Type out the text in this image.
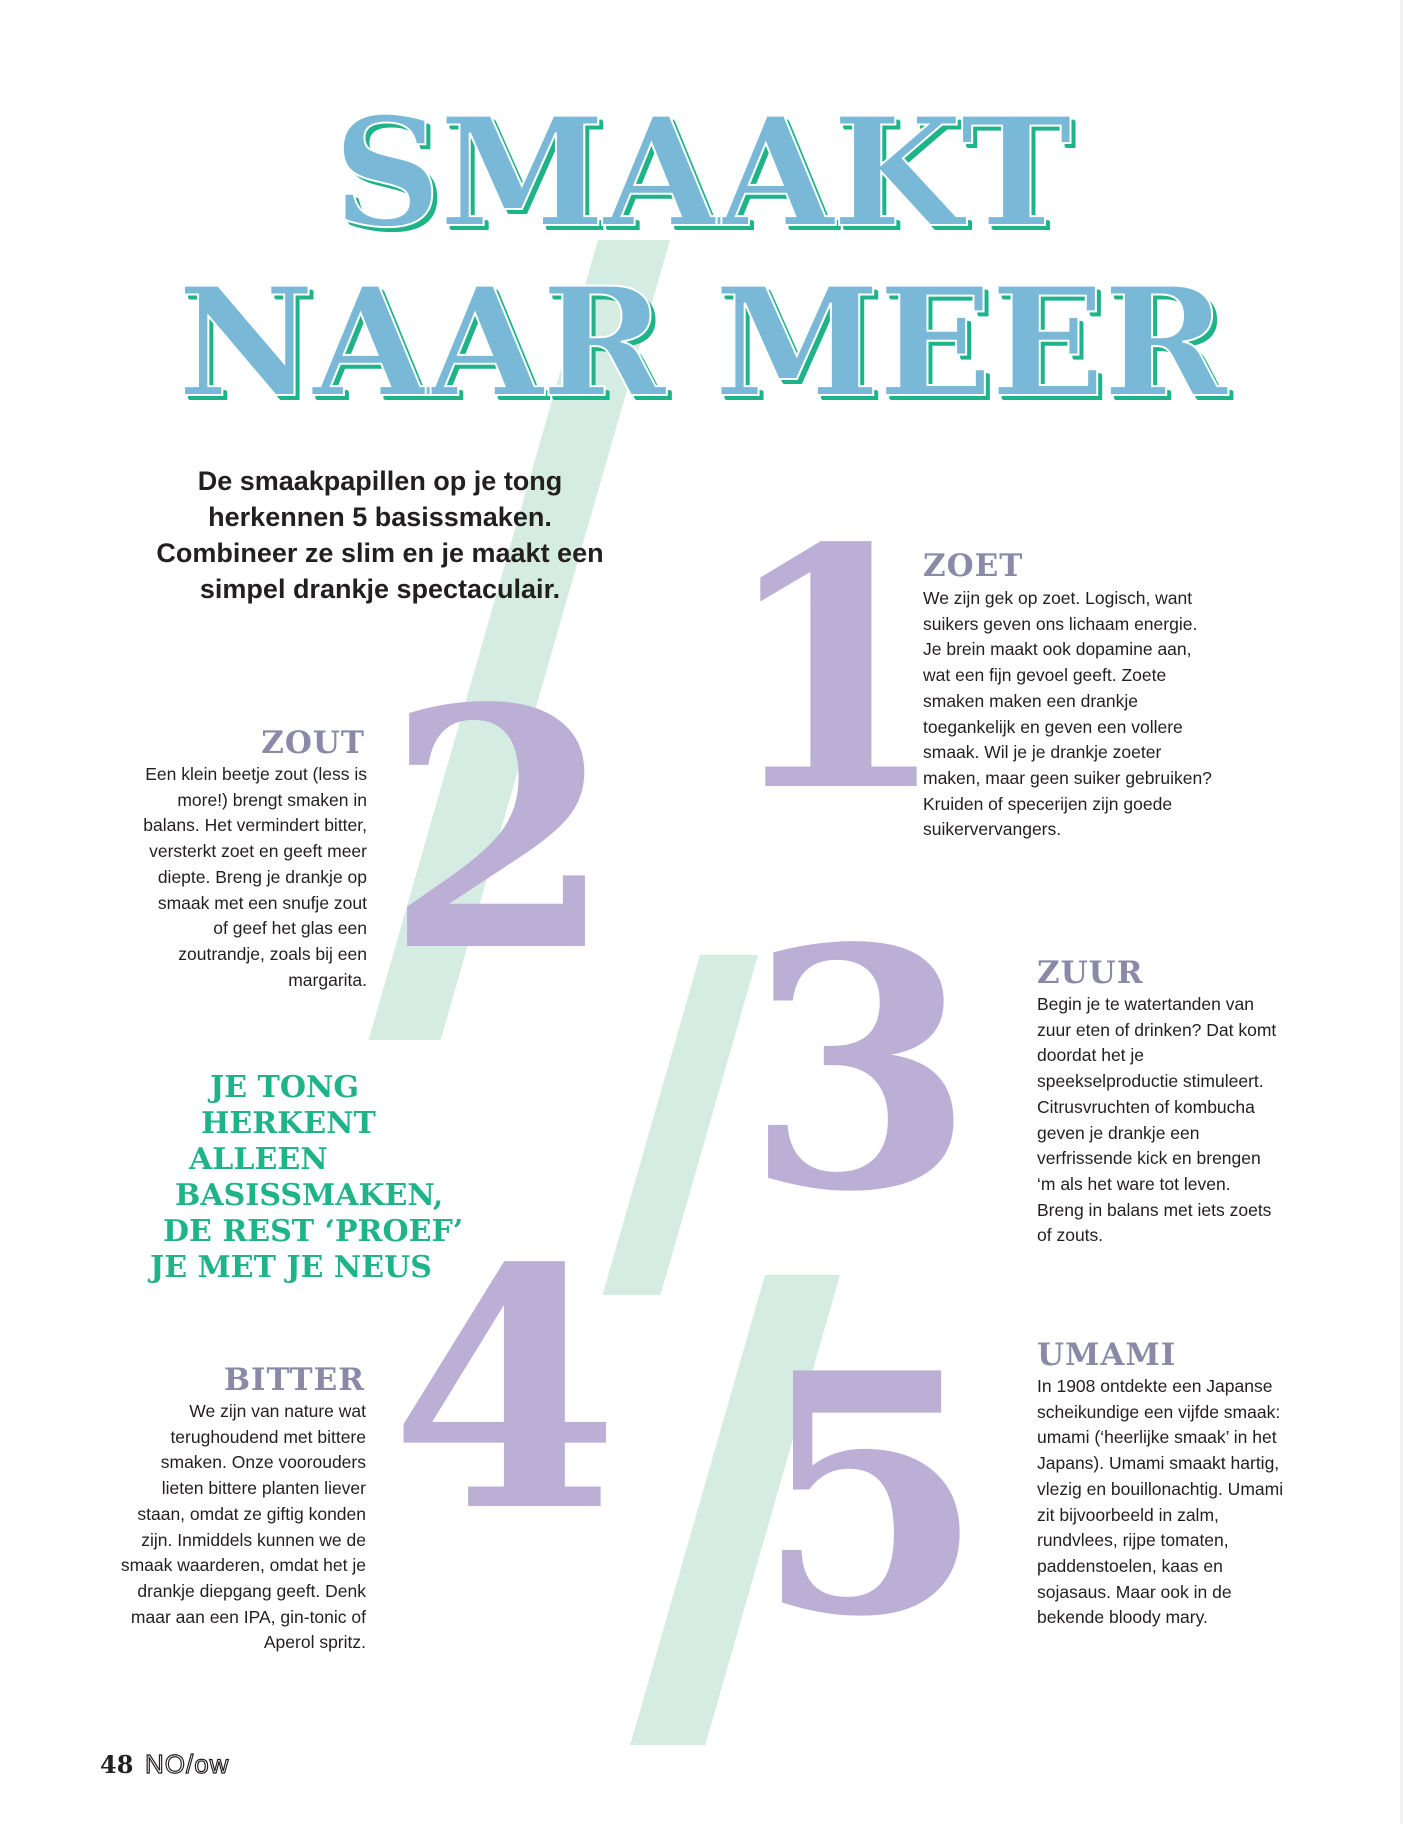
SMAAKT
NAAR MEER
De smaakpapillen op je tong herkennen 5 basissmaken. Combineer ze slim en je maakt een simpel drankje spectaculair. 1
2
3
4 5
ZOET
We zijn gek op zoet. Logisch, want suikers geven ons lichaam energie. Je brein maakt ook dopamine aan, wat een fijn gevoel geeft. Zoete smaken maken een drankje toegankelijk en geven een vollere smaak. Wil je je drankje zoeter maken, maar geen suiker gebruiken? Kruiden of specerijen zijn goede suikervervangers.
ZOUT
Een klein beetje zout (less is more!) brengt smaken in balans. Het vermindert bitter, versterkt zoet en geeft meer diepte. Breng je drankje op smaak met een snufje zout of geef het glas een zoutrandje, zoals bij een margarita.	ZUUR
Begin je te watertanden van zuur eten of drinken? Dat komt doordat het je speekselproductie stimuleert. Citrusvruchten of kombucha geven je drankje een verfrissende kick en brengen ‘m als het ware tot leven. Breng in balans met iets zoets of zouts.
JE TONG
HERKENT
ALLEEN
BASISSMAKEN,
DE REST ‘PROEF’
JE MET JE NEUS
BITTER
We zijn van nature wat terughoudend met bittere smaken. Onze voorouders lieten bittere planten liever staan, omdat ze giftig konden zijn. Inmiddels kunnen we de smaak waarderen, omdat het je drankje diepgang geeft. Denk maar aan een IPA, gin-tonic of Aperol spritz.
UMAMI
In 1908 ontdekte een Japanse scheikundige een vijfde smaak: umami (‘heerlijke smaak’ in het Japans). Umami smaakt hartig, vlezig en bouillonachtig. Umami zit bijvoorbeeld in zalm, rundvlees, rijpe tomaten, paddenstoelen, kaas en sojasaus. Maar ook in de bekende bloody mary.
48 NO/ow
